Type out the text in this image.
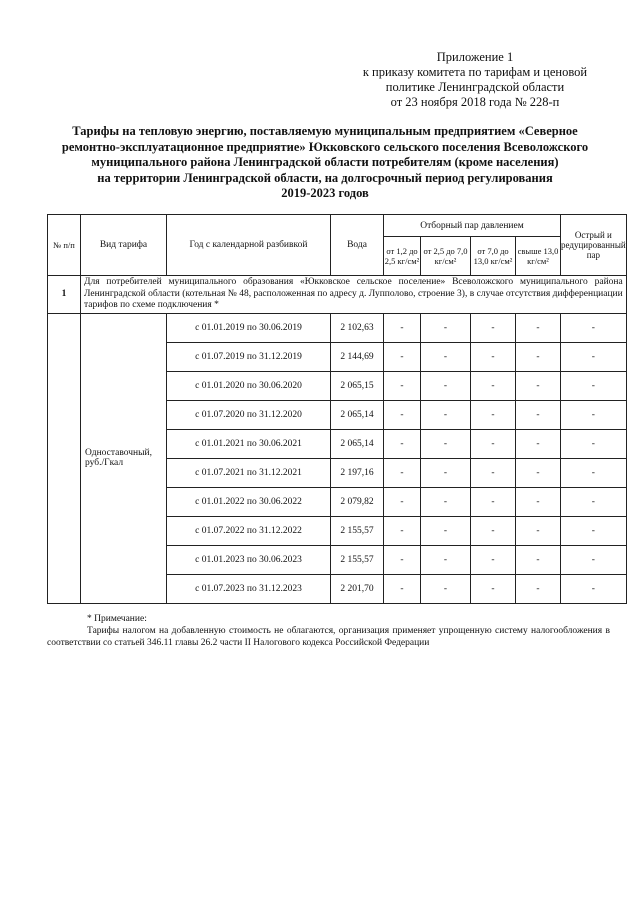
Приложение 1
к приказу комитета по тарифам и ценовой
политике Ленинградской области
от 23 ноября 2018 года № 228-п
Тарифы на тепловую энергию, поставляемую муниципальным предприятием «Северное
ремонтно-эксплуатационное предприятие» Юкковского сельского поселения Всеволожского
муниципального района Ленинградской области потребителям (кроме населения)
на территории Ленинградской области, на долгосрочный период регулирования
2019-2023 годов
№ п/п	Вид тарифа	Год с календарной разбивкой	Вода	Отборный пар давлением				Острый и редуцированный пар
				от 1,2 до 2,5 кг/см²	от 2,5 до 7,0 кг/см²	от 7,0 до 13,0 кг/см²	свыше 13,0 кг/см²	
1	Для потребителей муниципального образования «Юкковское сельское поселение» Всеволожского муниципального района Ленинградской области (котельная № 48, расположенная по адресу д. Лупполово, строение 3), в случае отсутствия дифференциации тарифов по схеме подключения *							
	Одноставочный, руб./Гкал	с 01.01.2019 по 30.06.2019	2 102,63	-	-	-	-	-
		с 01.07.2019 по 31.12.2019	2 144,69	-	-	-	-	-
		с 01.01.2020 по 30.06.2020	2 065,15	-	-	-	-	-
		с 01.07.2020 по 31.12.2020	2 065,14	-	-	-	-	-
		с 01.01.2021 по 30.06.2021	2 065,14	-	-	-	-	-
		с 01.07.2021 по 31.12.2021	2 197,16	-	-	-	-	-
		с 01.01.2022 по 30.06.2022	2 079,82	-	-	-	-	-
		с 01.07.2022 по 31.12.2022	2 155,57	-	-	-	-	-
		с 01.01.2023 по 30.06.2023	2 155,57	-	-	-	-	-
		с 01.07.2023 по 31.12.2023	2 201,70	-	-	-	-	-

* Примечание:

Тарифы налогом на добавленную стоимость не облагаются, организация применяет упрощенную систему налогообложения в соответствии со статьей 346.11 главы 26.2 части II Налогового кодекса Российской Федерации
